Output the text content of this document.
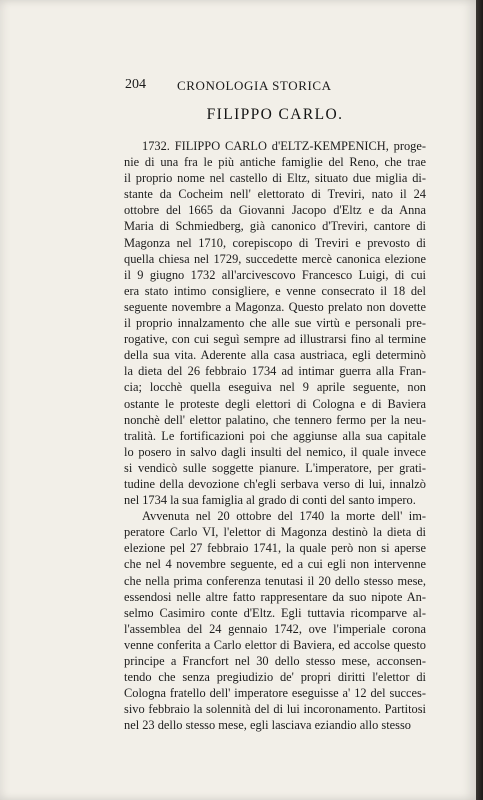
204 CRONOLOGIA STORICA
FILIPPO CARLO.
1732. FILIPPO CARLO d'ELTZ-KEMPENICH, proge-
nie di una fra le più antiche famiglie del Reno, che trae
il proprio nome nel castello di Eltz, situato due miglia di-
stante da Cocheim nell' elettorato di Treviri, nato il 24
ottobre del 1665 da Giovanni Jacopo d'Eltz e da Anna
Maria di Schmiedberg, già canonico d'Treviri, cantore di
Magonza nel 1710, corepiscopo di Treviri e prevosto di
quella chiesa nel 1729, succedette mercè canonica elezione
il 9 giugno 1732 all'arcivescovo Francesco Luigi, di cui
era stato intimo consigliere, e venne consecrato il 18 del
seguente novembre a Magonza. Questo prelato non dovette
il proprio innalzamento che alle sue virtù e personali pre-
rogative, con cui seguì sempre ad illustrarsi fino al termine
della sua vita. Aderente alla casa austriaca, egli determinò
la dieta del 26 febbraio 1734 ad intimar guerra alla Fran-
cia; locchè quella eseguiva nel 9 aprile seguente, non
ostante le proteste degli elettori di Cologna e di Baviera
nonchè dell' elettor palatino, che tennero fermo per la neu-
tralità. Le fortificazioni poi che aggiunse alla sua capitale
lo posero in salvo dagli insulti del nemico, il quale invece
si vendicò sulle soggette pianure. L'imperatore, per grati-
tudine della devozione ch'egli serbava verso di lui, innalzò
nel 1734 la sua famiglia al grado di conti del santo impero.
Avvenuta nel 20 ottobre del 1740 la morte dell' im-
peratore Carlo VI, l'elettor di Magonza destinò la dieta di
elezione pel 27 febbraio 1741, la quale però non si aperse
che nel 4 novembre seguente, ed a cui egli non intervenne
che nella prima conferenza tenutasi il 20 dello stesso mese,
essendosi nelle altre fatto rappresentare da suo nipote An-
selmo Casimiro conte d'Eltz. Egli tuttavia ricomparve al-
l'assemblea del 24 gennaio 1742, ove l'imperiale corona
venne conferita a Carlo elettor di Baviera, ed accolse questo
principe a Francfort nel 30 dello stesso mese, acconsen-
tendo che senza pregiudizio de' propri diritti l'elettor di
Cologna fratello dell' imperatore eseguisse a' 12 del succes-
sivo febbraio la solennità del di lui incoronamento. Partitosi
nel 23 dello stesso mese, egli lasciava eziandio allo stesso
